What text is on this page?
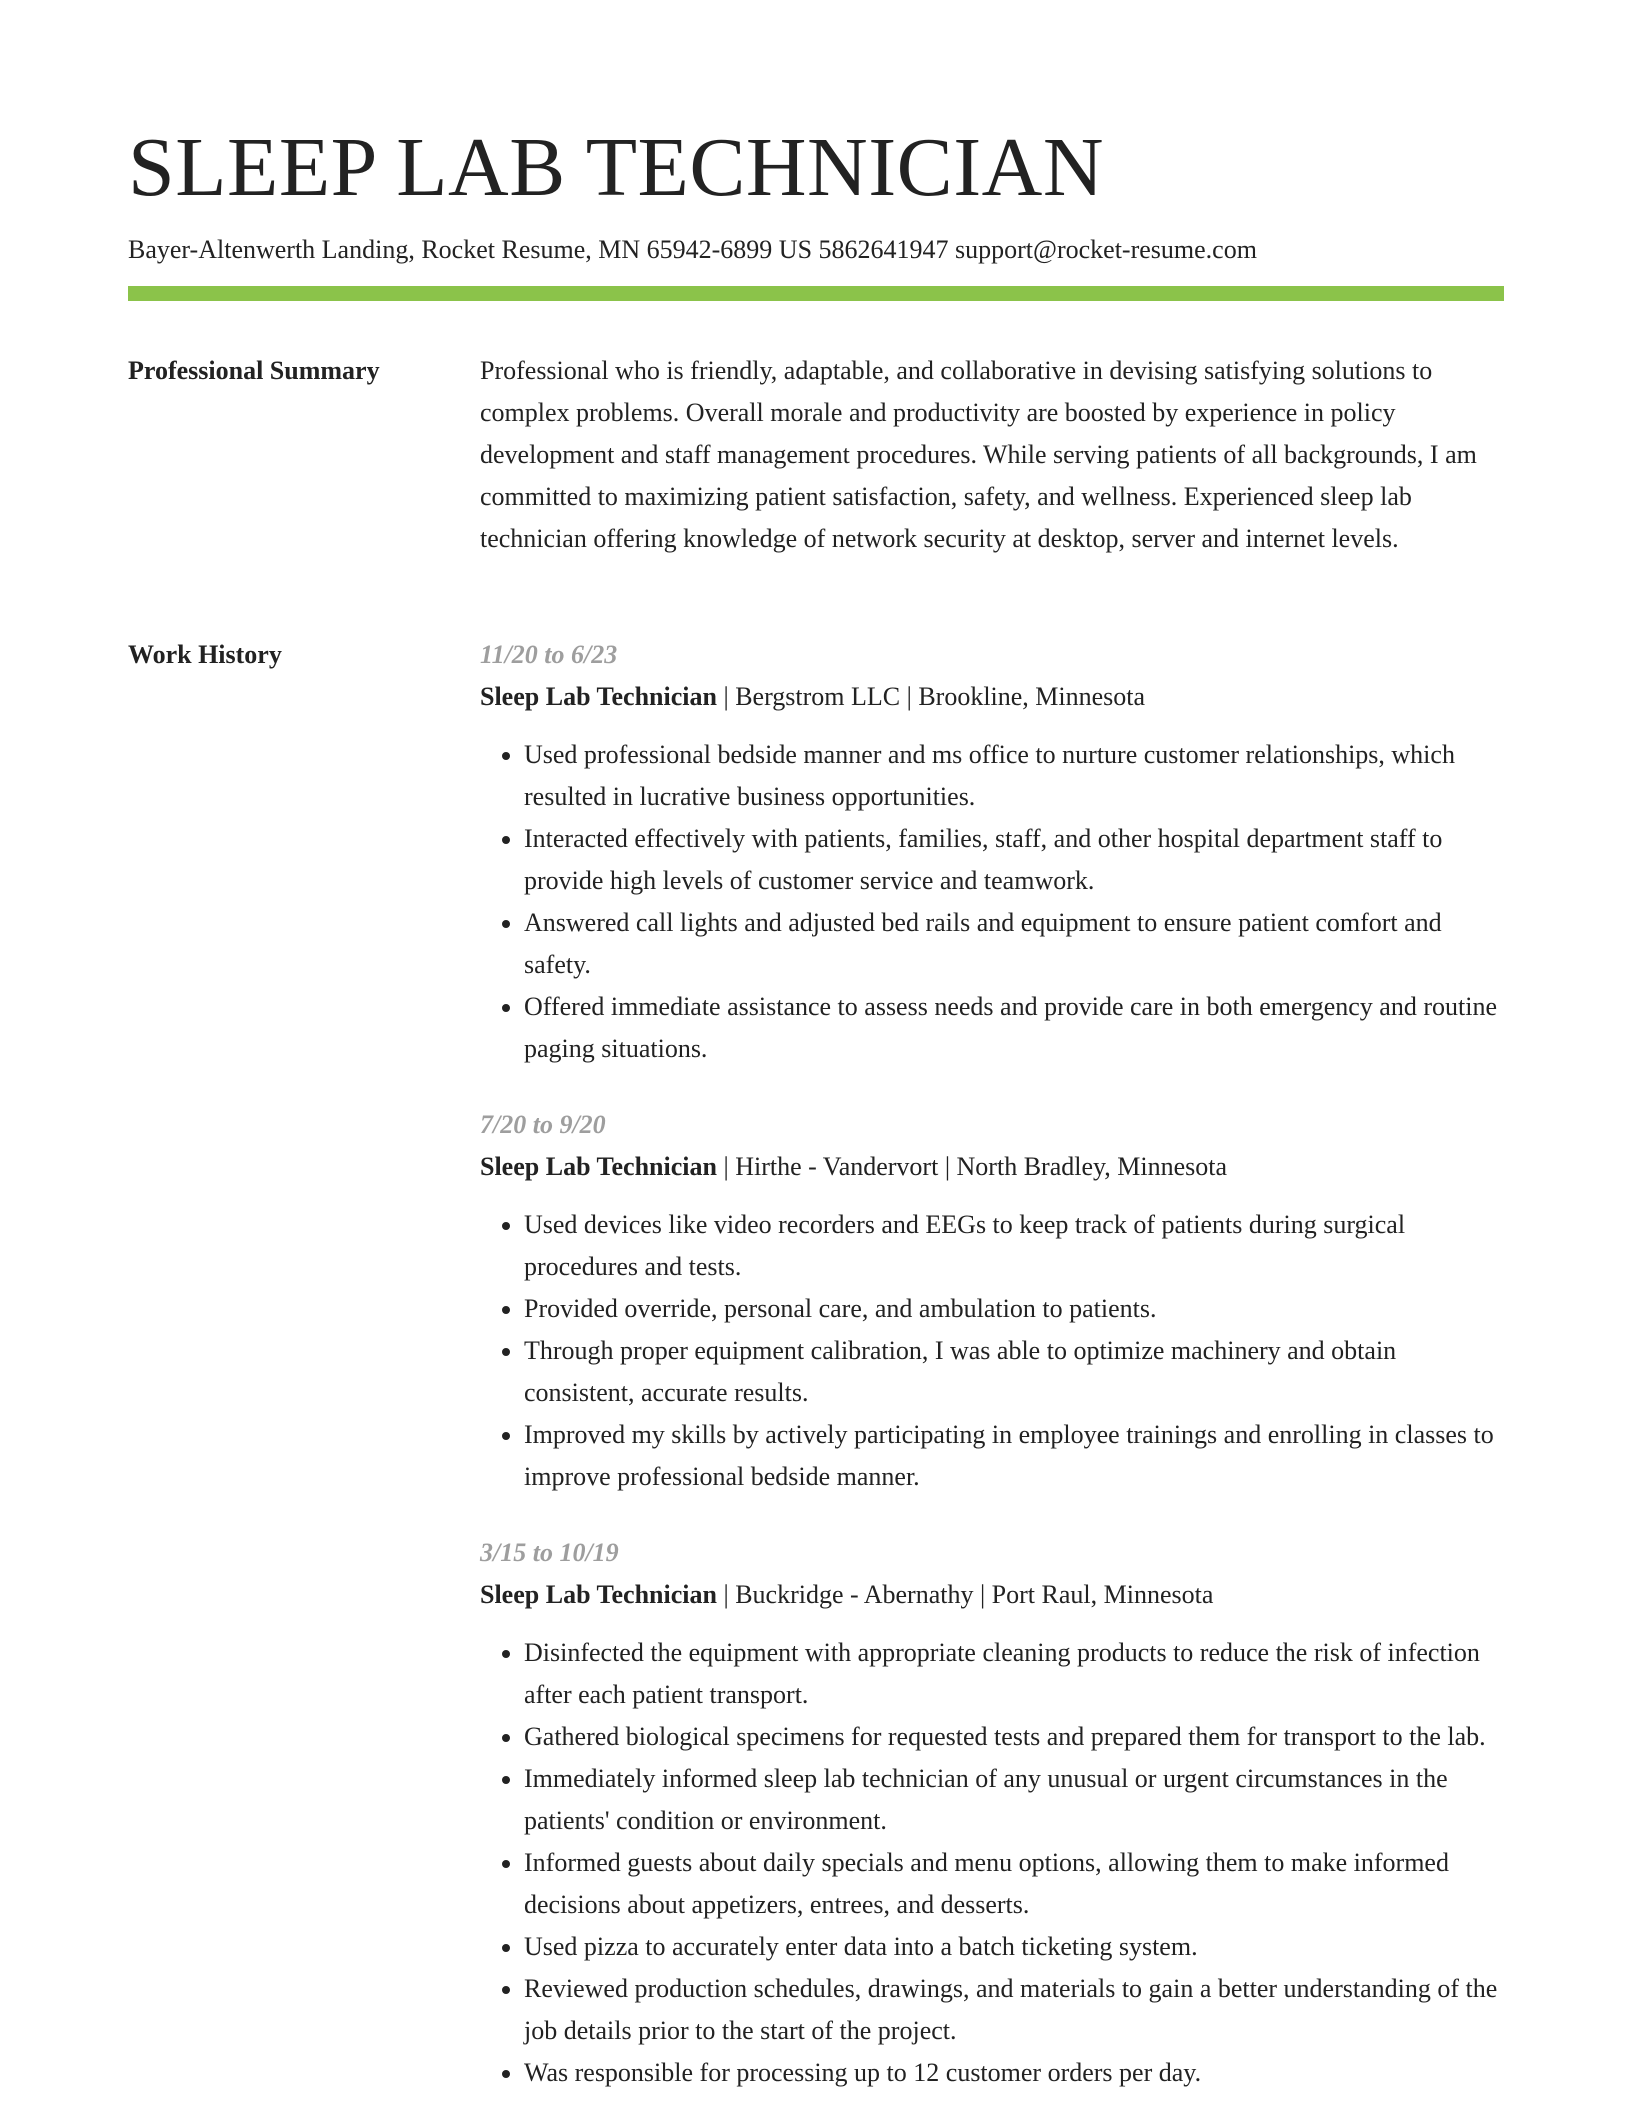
SLEEP LAB TECHNICIAN
Bayer-Altenwerth Landing, Rocket Resume, MN 65942-6899 US 5862641947 support@rocket-resume.com
Professional Summary	Professional who is friendly, adaptable, and collaborative in devising satisfying solutions to complex problems. Overall morale and productivity are boosted by experience in policy development and staff management procedures. While serving patients of all backgrounds, I am committed to maximizing patient satisfaction, safety, and wellness. Experienced sleep lab technician offering knowledge of network security at desktop, server and internet levels.
Work History	11/20 to 6/23
Sleep Lab Technician | Bergstrom LLC | Brookline, Minnesota
• Used professional bedside manner and ms office to nurture customer relationships, which resulted in lucrative business opportunities.
• Interacted effectively with patients, families, staff, and other hospital department staff to provide high levels of customer service and teamwork.
• Answered call lights and adjusted bed rails and equipment to ensure patient comfort and safety.
• Offered immediate assistance to assess needs and provide care in both emergency and routine paging situations.
7/20 to 9/20
Sleep Lab Technician | Hirthe - Vandervort | North Bradley, Minnesota
• Used devices like video recorders and EEGs to keep track of patients during surgical procedures and tests.
• Provided override, personal care, and ambulation to patients.
• Through proper equipment calibration, I was able to optimize machinery and obtain consistent, accurate results.
• Improved my skills by actively participating in employee trainings and enrolling in classes to improve professional bedside manner.
3/15 to 10/19
Sleep Lab Technician | Buckridge - Abernathy | Port Raul, Minnesota
• Disinfected the equipment with appropriate cleaning products to reduce the risk of infection after each patient transport.
• Gathered biological specimens for requested tests and prepared them for transport to the lab.
• Immediately informed sleep lab technician of any unusual or urgent circumstances in the patients' condition or environment.
• Informed guests about daily specials and menu options, allowing them to make informed decisions about appetizers, entrees, and desserts.
• Used pizza to accurately enter data into a batch ticketing system.
• Reviewed production schedules, drawings, and materials to gain a better understanding of the job details prior to the start of the project.
• Was responsible for processing up to 12 customer orders per day.
